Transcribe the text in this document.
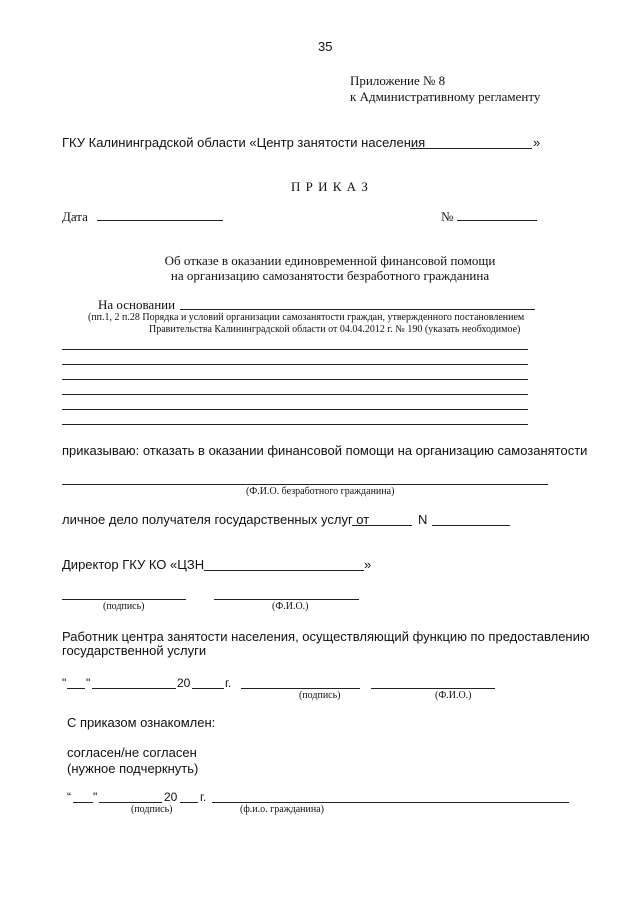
35
Приложение № 8
к Административному регламенту
ГКУ Калининградской области «Центр занятости населения	»
П Р И К А З
Дата	№
Об отказе в оказании единовременной финансовой помощи
на организацию самозанятости безработного гражданина
На основании
(пп.1, 2 п.28 Порядка и условий организации самозанятости граждан, утвержденного постановлением
Правительства Калининградской области от 04.04.2012 г. № 190 (указать необходимое)
приказываю: отказать в оказании финансовой помощи на организацию самозанятости
(Ф.И.О. безработного гражданина)
личное дело получателя государственных услуг от	N
Директор ГКУ КО «ЦЗН	»
(подпись)	(Ф.И.О.)
Работник центра занятости населения, осуществляющий функцию по предоставлению
государственной услуги
" "	20	г.
(подпись)	(Ф.И.О.)
С приказом ознакомлен:
согласен/не согласен
(нужное подчеркнуть)
“ "	20 г.
(подпись)	(ф.и.о. гражданина)
